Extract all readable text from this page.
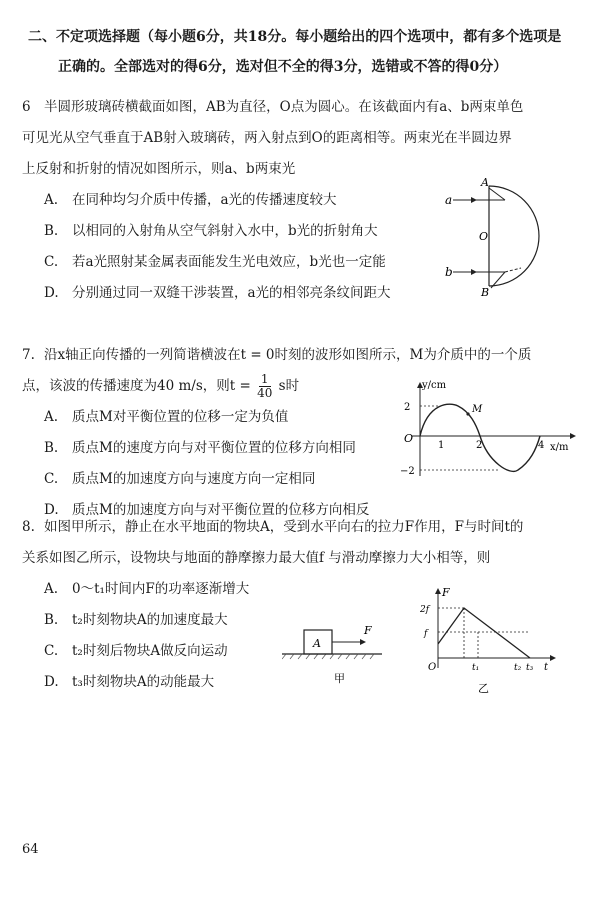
二、不定项选择题（每小题6分，共18分。每小题给出的四个选项中，都有多个选项是
正确的。全部选对的得6分，选对但不全的得3分，选错或不答的得0分）

6 半圆形玻璃砖横截面如图，AB为直径，O点为圆心。在该截面内有a、b两束单色

可见光从空气垂直于AB射入玻璃砖，两入射点到O的距离相等。两束光在半圆边界

上反射和折射的情况如图所示，则a、b两束光

A. 在同种均匀介质中传播，a光的传播速度较大

B. 以相同的入射角从空气斜射入水中，b光的折射角大

C. 若a光照射某金属表面能发生光电效应，b光也一定能

D. 分别通过同一双缝干涉装置，a光的相邻亮条纹间距大

a
b
A
B
O

7. 沿x轴正向传播的一列简谐横波在t = 0时刻的波形如图所示，M为介质中的一个质

点，该波的传播速度为40 m/s，则$t = \frac{1}{40}$ s时

A. 质点M对平衡位置的位移一定为负值

B. 质点M的速度方向与对平衡位置的位移方向相同

C. 质点M的加速度方向与速度方向一定相同

D. 质点M的加速度方向与对平衡位置的位移方向相反

y/cm
x/m
2
−2
O
1	2	4
M

8. 如图甲所示，静止在水平地面的物块A，受到水平向右的拉力F作用，F与时间t的

关系如图乙所示，设物块与地面的静摩擦力最大值f 与滑动摩擦力大小相等，则

A. 0～t₁时间内F的功率逐渐增大

B. t₂时刻物块A的加速度最大

C. t₂时刻后物块A做反向运动

D. t₃时刻物块A的动能最大

A
F
甲
F
2f
f
O	t₁	t₂ t₃ t
乙
64
